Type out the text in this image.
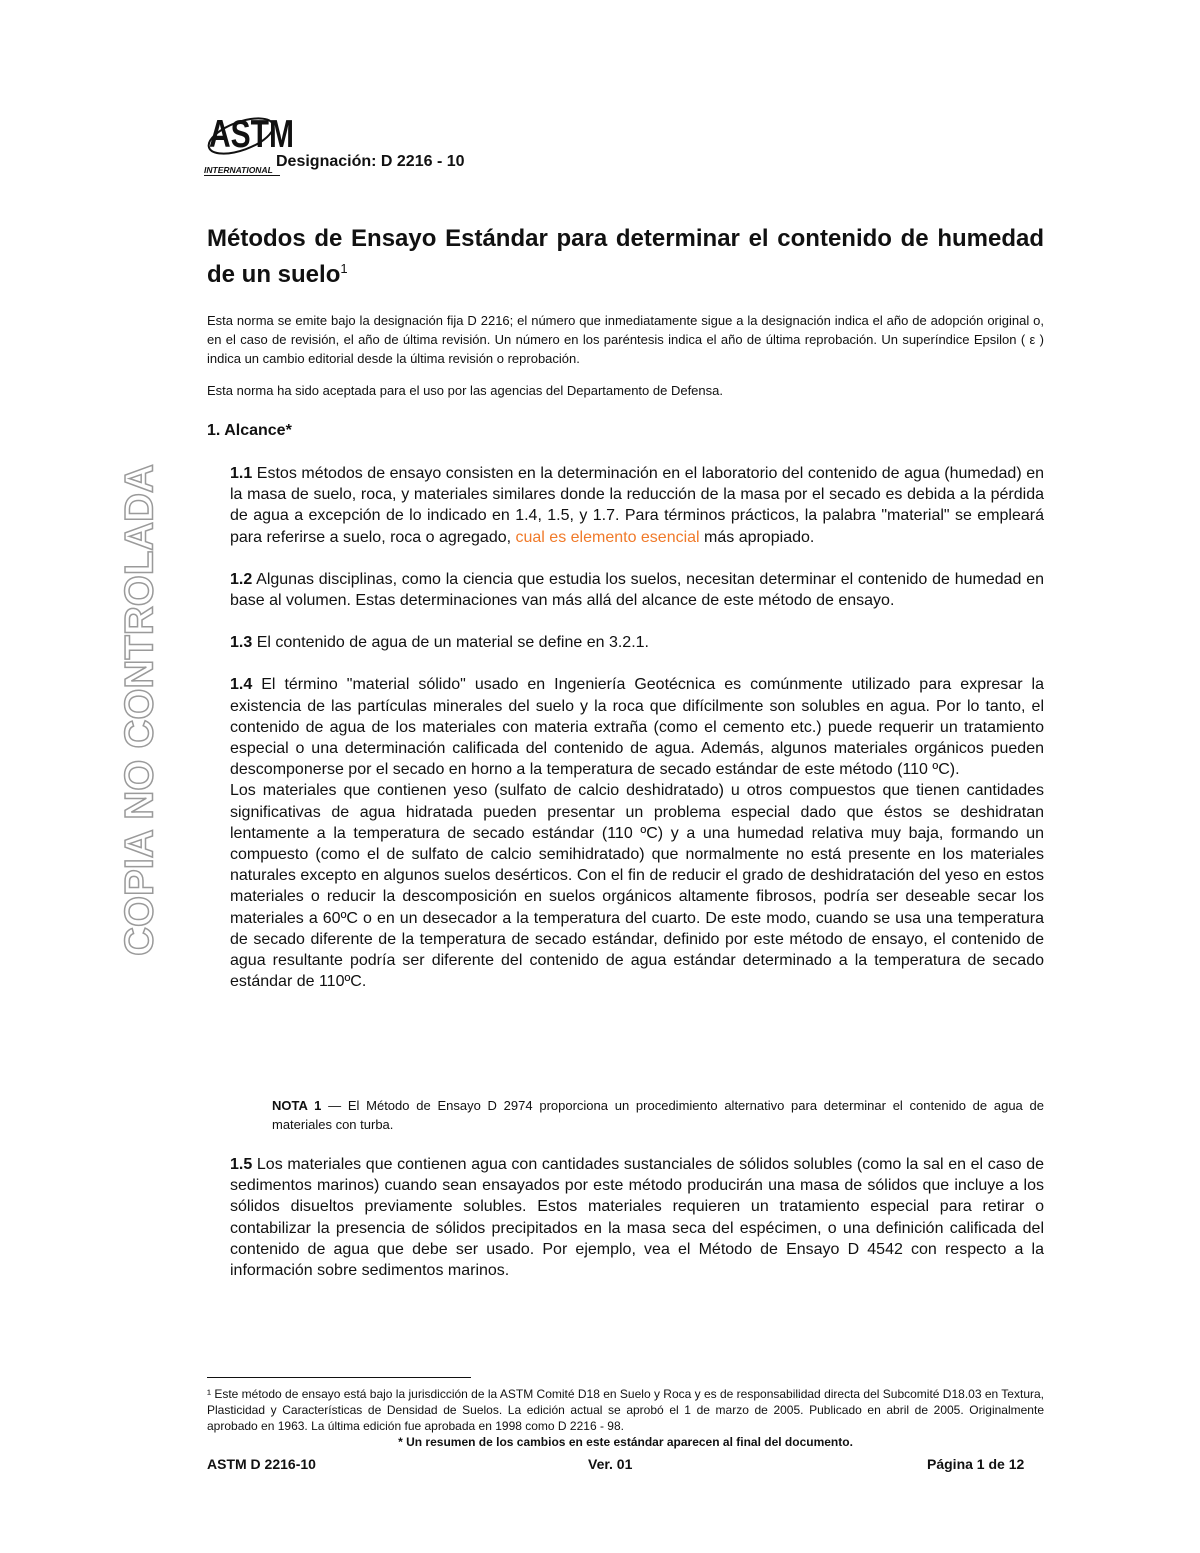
ASTM
INTERNATIONAL Designación: D 2216 - 10
Métodos de Ensayo Estándar para determinar el contenido de humedad de un suelo$^1$
Esta norma se emite bajo la designación fija D 2216; el número que inmediatamente sigue a la designación indica el año de adopción original o, en el caso de revisión, el año de última revisión. Un número en los paréntesis indica el año de última reprobación. Un superíndice Epsilon ( ε ) indica un cambio editorial desde la última revisión o reprobación.
Esta norma ha sido aceptada para el uso por las agencias del Departamento de Defensa.
COPIA NO CONTROLADA
1. Alcance*

1.1 Estos métodos de ensayo consisten en la determinación en el laboratorio del contenido de agua (humedad) en la masa de suelo, roca, y materiales similares donde la reducción de la masa por el secado es debida a la pérdida de agua a excepción de lo indicado en 1.4, 1.5, y 1.7. Para términos prácticos, la palabra "material" se empleará para referirse a suelo, roca o agregado, cual es elemento esencial más apropiado.

1.2 Algunas disciplinas, como la ciencia que estudia los suelos, necesitan determinar el contenido de humedad en base al volumen. Estas determinaciones van más allá del alcance de este método de ensayo.

1.3 El contenido de agua de un material se define en 3.2.1.

1.4 El término "material sólido" usado en Ingeniería Geotécnica es comúnmente utilizado para expresar la existencia de las partículas minerales del suelo y la roca que difícilmente son solubles en agua. Por lo tanto, el contenido de agua de los materiales con materia extraña (como el cemento etc.) puede requerir un tratamiento especial o una determinación calificada del contenido de agua. Además, algunos materiales orgánicos pueden descomponerse por el secado en horno a la temperatura de secado estándar de este método (110 ºC).

Los materiales que contienen yeso (sulfato de calcio deshidratado) u otros compuestos que tienen cantidades significativas de agua hidratada pueden presentar un problema especial dado que éstos se deshidratan lentamente a la temperatura de secado estándar (110 ºC) y a una humedad relativa muy baja, formando un compuesto (como el de sulfato de calcio semihidratado) que normalmente no está presente en los materiales naturales excepto en algunos suelos desérticos. Con el fin de reducir el grado de deshidratación del yeso en estos materiales o reducir la descomposición en suelos orgánicos altamente fibrosos, podría ser deseable secar los materiales a 60ºC o en un desecador a la temperatura del cuarto. De este modo, cuando se usa una temperatura de secado diferente de la temperatura de secado estándar, definido por este método de ensayo, el contenido de agua resultante podría ser diferente del contenido de agua estándar determinado a la temperatura de secado estándar de 110ºC.

NOTA 1 — El Método de Ensayo D 2974 proporciona un procedimiento alternativo para determinar el contenido de agua de materiales con turba.
1.5 Los materiales que contienen agua con cantidades sustanciales de sólidos solubles (como la sal en el caso de sedimentos marinos) cuando sean ensayados por este método producirán una masa de sólidos que incluye a los sólidos disueltos previamente solubles. Estos materiales requieren un tratamiento especial para retirar o contabilizar la presencia de sólidos precipitados en la masa seca del espécimen, o una definición calificada del contenido de agua que debe ser usado. Por ejemplo, vea el Método de Ensayo D 4542 con respecto a la información sobre sedimentos marinos.
¹ Este método de ensayo está bajo la jurisdicción de la ASTM Comité D18 en Suelo y Roca y es de responsabilidad directa del Subcomité D18.03 en Textura, Plasticidad y Características de Densidad de Suelos. La edición actual se aprobó el 1 de marzo de 2005. Publicado en abril de 2005. Originalmente aprobado en 1963. La última edición fue aprobada en 1998 como D 2216 - 98.
* Un resumen de los cambios en este estándar aparecen al final del documento.
ASTM D 2216-10	Ver. 01	Página 1 de 12
